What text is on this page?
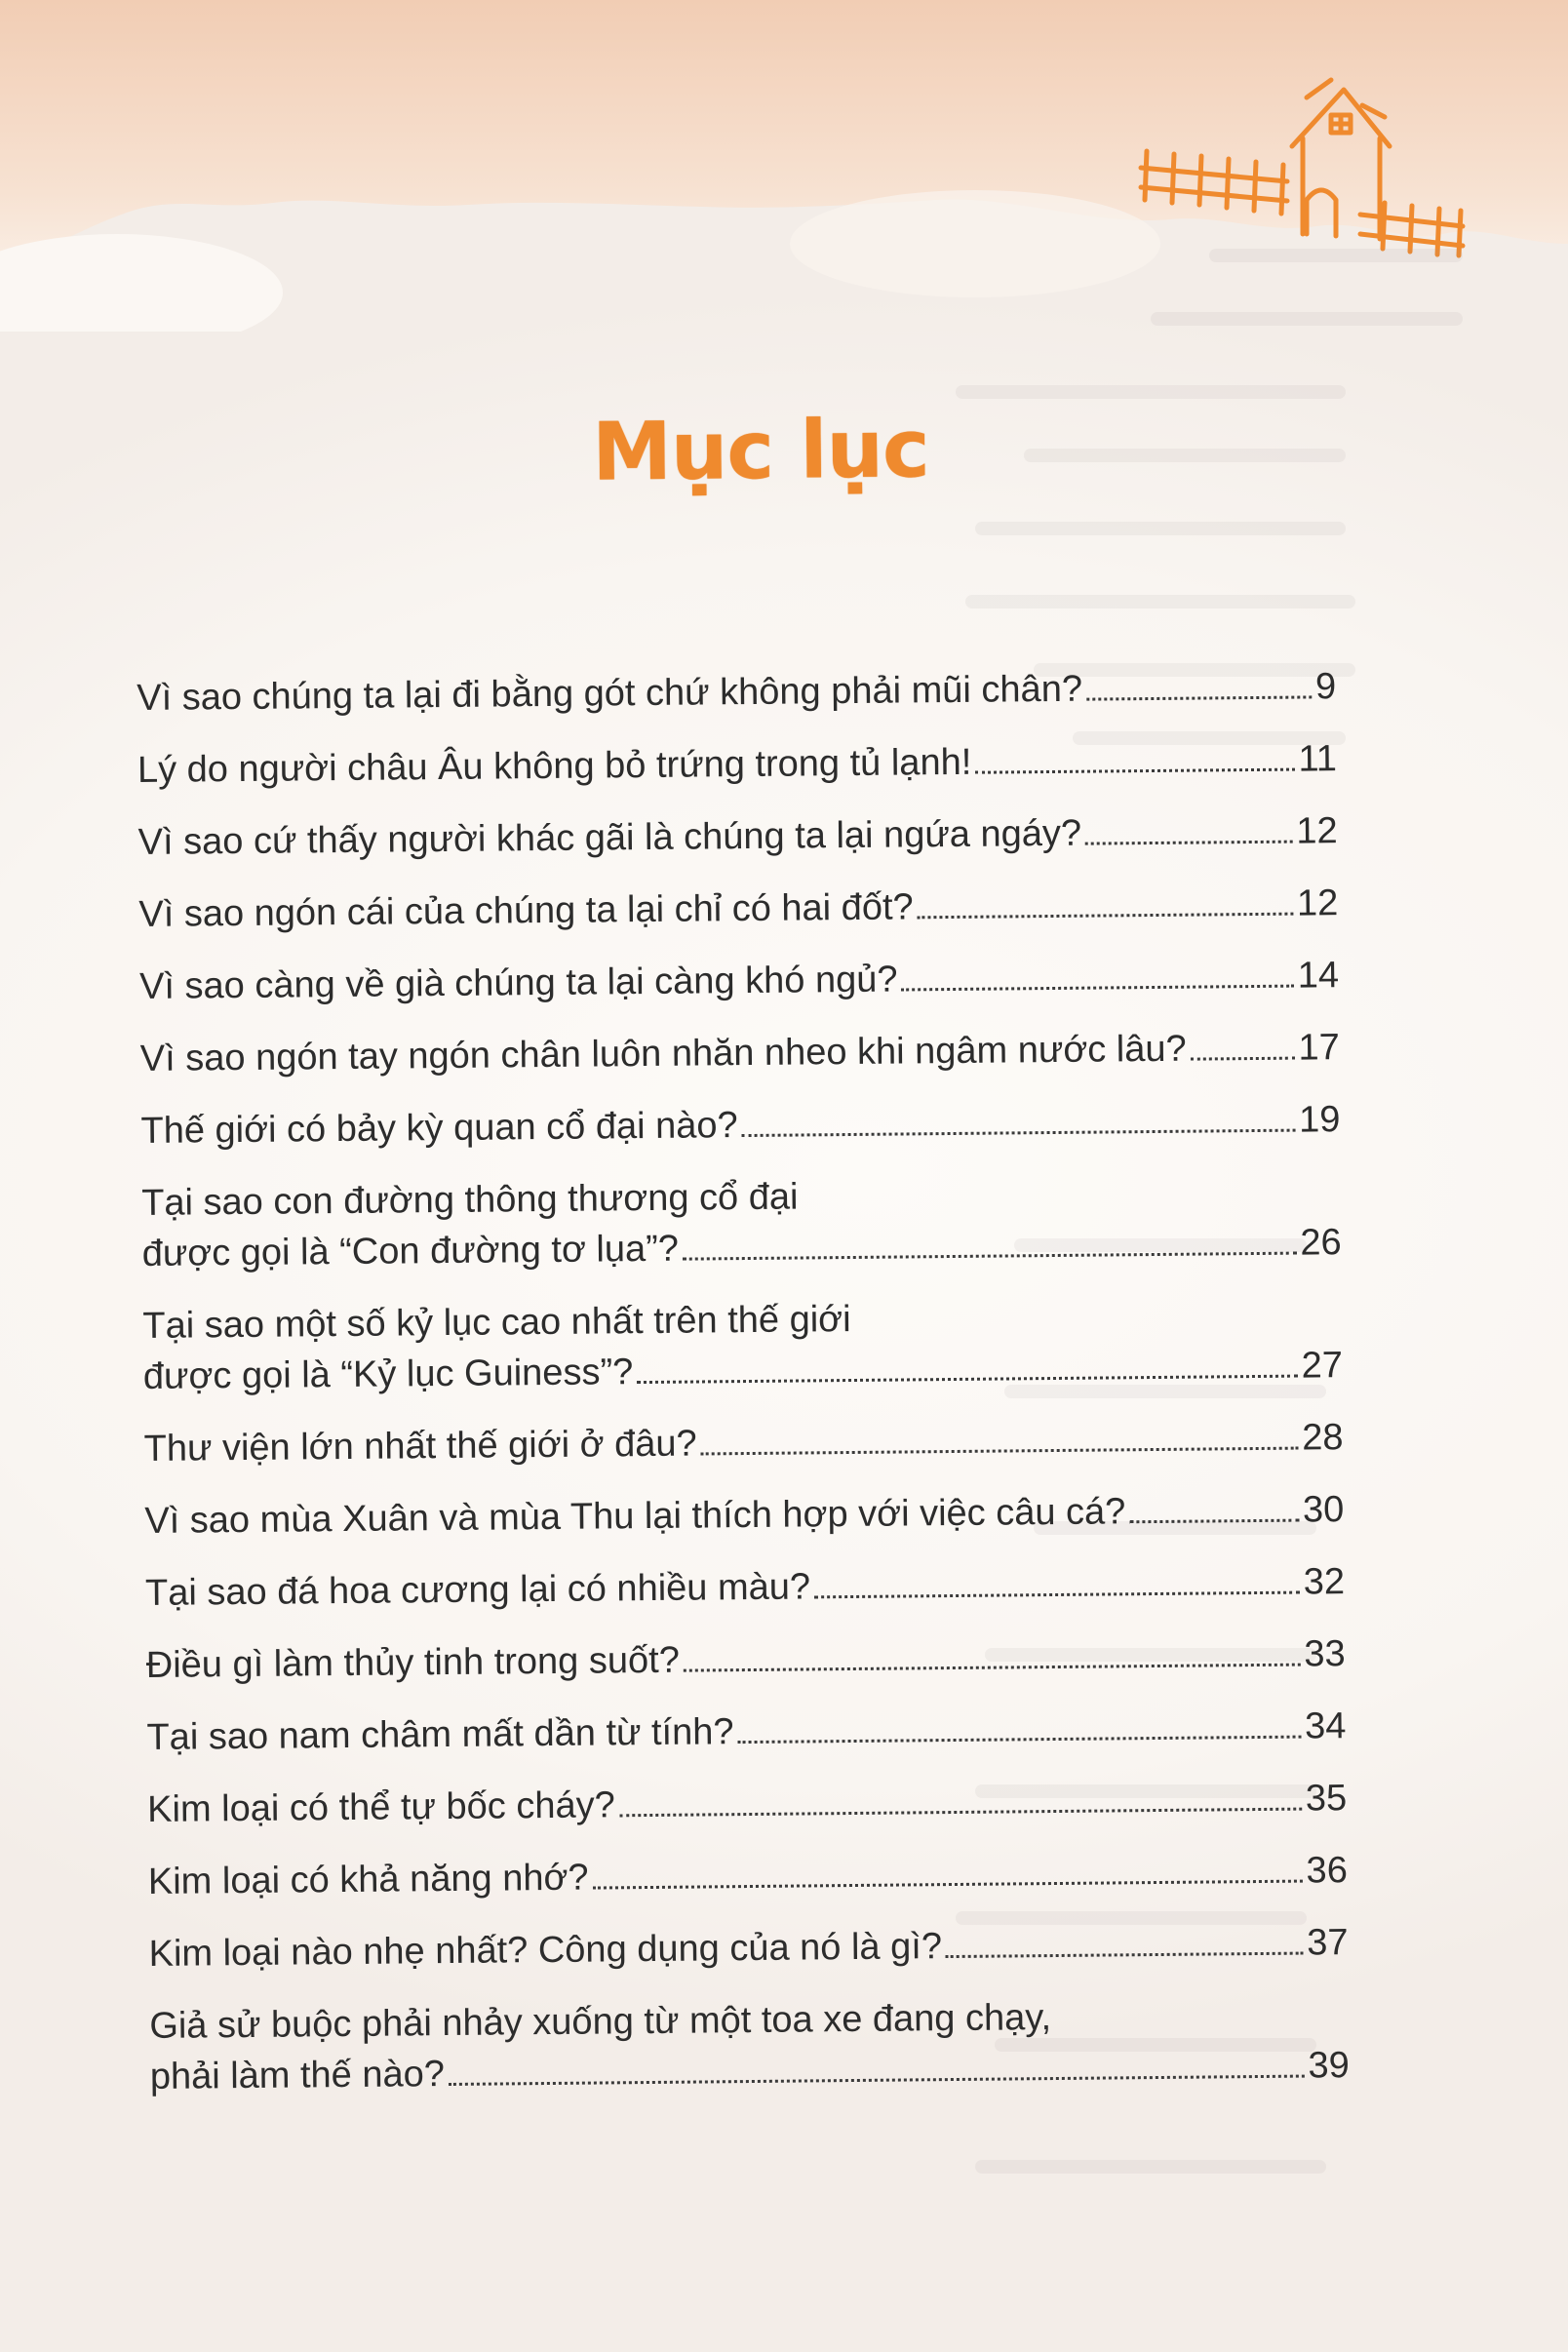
Mục lục
Vì sao chúng ta lại đi bằng gót chứ không phải mũi chân?	9
Lý do người châu Âu không bỏ trứng trong tủ lạnh!	11
Vì sao cứ thấy người khác gãi là chúng ta lại ngứa ngáy?	12
Vì sao ngón cái của chúng ta lại chỉ có hai đốt?	12
Vì sao càng về già chúng ta lại càng khó ngủ?	14
Vì sao ngón tay ngón chân luôn nhăn nheo khi ngâm nước lâu?	17
Thế giới có bảy kỳ quan cổ đại nào?	19
Tại sao con đường thông thương cổ đại
được gọi là “Con đường tơ lụa”?	26
Tại sao một số kỷ lục cao nhất trên thế giới
được gọi là “Kỷ lục Guiness”?	27
Thư viện lớn nhất thế giới ở đâu?	28
Vì sao mùa Xuân và mùa Thu lại thích hợp với việc câu cá?	30
Tại sao đá hoa cương lại có nhiều màu?	32
Điều gì làm thủy tinh trong suốt?	33
Tại sao nam châm mất dần từ tính?	34
Kim loại có thể tự bốc cháy?	35
Kim loại có khả năng nhớ?	36
Kim loại nào nhẹ nhất? Công dụng của nó là gì?	37
Giả sử buộc phải nhảy xuống từ một toa xe đang chạy,
phải làm thế nào?	39
